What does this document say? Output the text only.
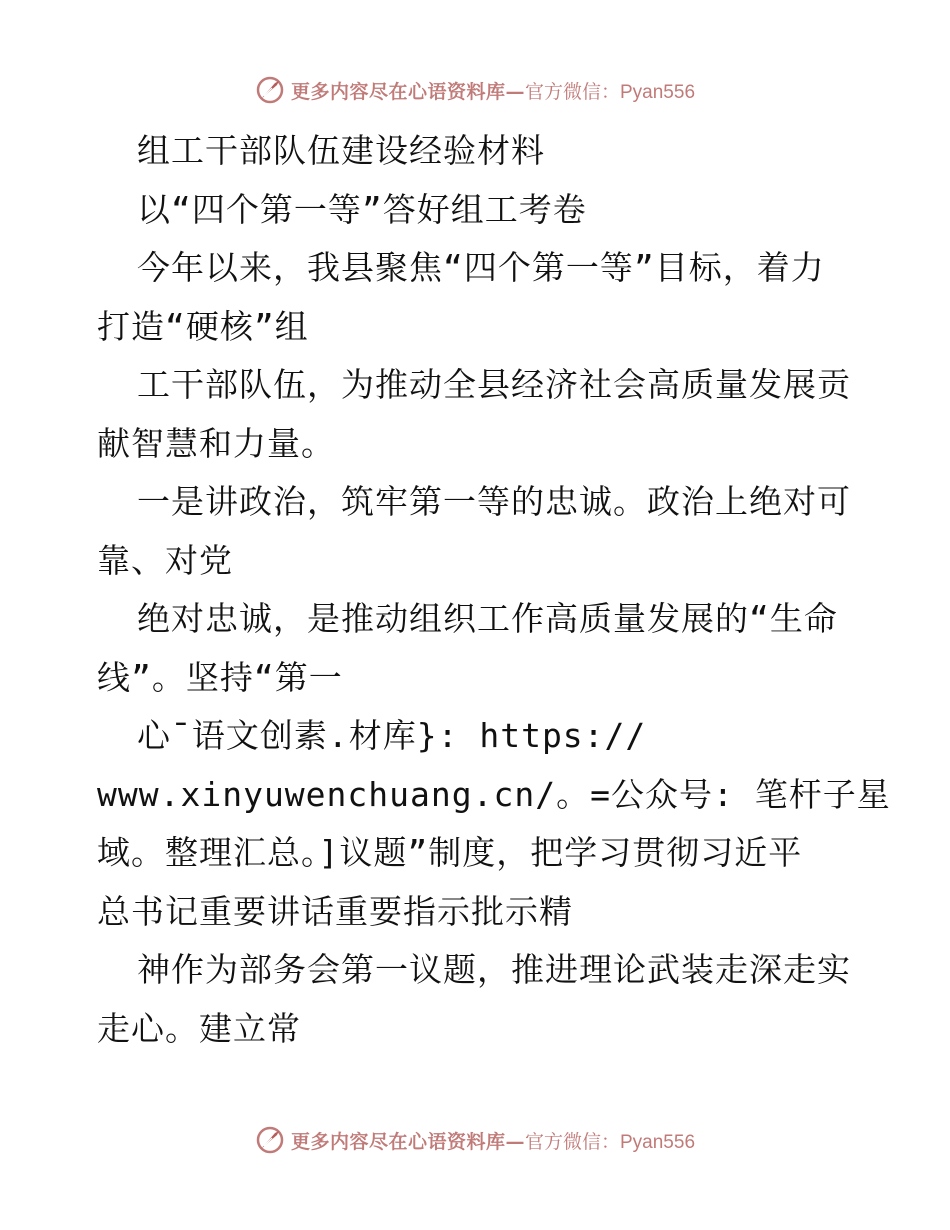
更多内容尽在心语资料库— 官方微信：Pyan556
组工干部队伍建设经验材料
以“四个第一等”答好组工考卷
今年以来，我县聚焦“四个第一等”目标，着力
打造“硬核”组
工干部队伍，为推动全县经济社会高质量发展贡
献智慧和力量。
一是讲政治，筑牢第一等的忠诚。政治上绝对可
靠、对党
绝对忠诚，是推动组织工作高质量发展的“生命
线”。坚持“第一
心¯语文创素.材库}: https://
www.xinyuwenchuang.cn/。=公众号: 笔杆子星
域。整理汇总。]议题”制度，把学习贯彻习近平
总书记重要讲话重要指示批示精
神作为部务会第一议题，推进理论武装走深走实
走心。建立常
更多内容尽在心语资料库— 官方微信：Pyan556
